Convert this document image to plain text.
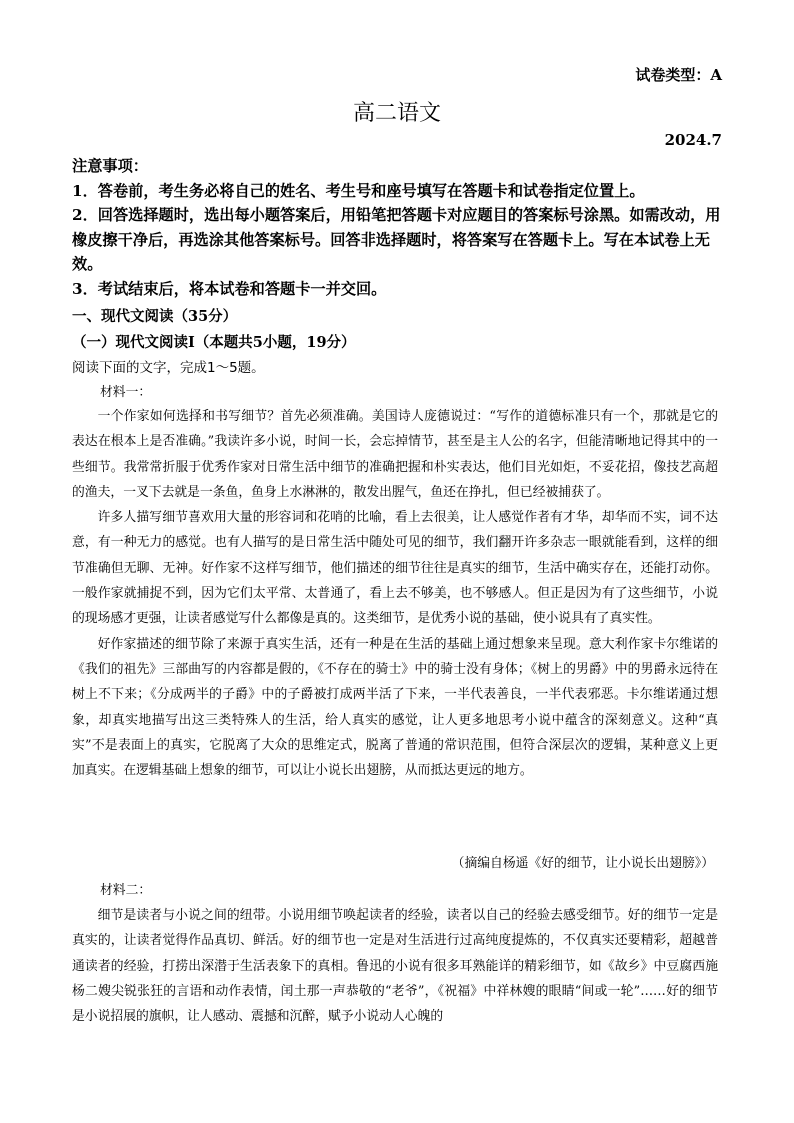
试卷类型：A
高二语文
2024.7

注意事项：

1．答卷前，考生务必将自己的姓名、考生号和座号填写在答题卡和试卷指定位置上。

2．回答选择题时，选出每小题答案后，用铅笔把答题卡对应题目的答案标号涂黑。如需改动，用橡皮擦干净后，再选涂其他答案标号。回答非选择题时，将答案写在答题卡上。写在本试卷上无效。

3．考试结束后，将本试卷和答题卡一并交回。

一、现代文阅读（35分）
（一）现代文阅读Ⅰ（本题共5小题，19分）
阅读下面的文字，完成1～5题。
材料一：

一个作家如何选择和书写细节？首先必须准确。美国诗人庞德说过：“写作的道德标准只有一个，那就是它的表达在根本上是否准确。”我读许多小说，时间一长，会忘掉情节，甚至是主人公的名字，但能清晰地记得其中的一些细节。我常常折服于优秀作家对日常生活中细节的准确把握和朴实表达，他们目光如炬，不妥花招，像技艺高超的渔夫，一叉下去就是一条鱼，鱼身上水淋淋的，散发出腥气，鱼还在挣扎，但已经被捕获了。

许多人描写细节喜欢用大量的形容词和花哨的比喻，看上去很美，让人感觉作者有才华，却华而不实，词不达意，有一种无力的感觉。也有人描写的是日常生活中随处可见的细节，我们翻开许多杂志一眼就能看到，这样的细节准确但无聊、无神。好作家不这样写细节，他们描述的细节往往是真实的细节，生活中确实存在，还能打动你。一般作家就捕捉不到，因为它们太平常、太普通了，看上去不够美，也不够感人。但正是因为有了这些细节，小说的现场感才更强，让读者感觉写什么都像是真的。这类细节，是优秀小说的基础，使小说具有了真实性。

好作家描述的细节除了来源于真实生活，还有一种是在生活的基础上通过想象来呈现。意大利作家卡尔维诺的《我们的祖先》三部曲写的内容都是假的，《不存在的骑士》中的骑士没有身体；《树上的男爵》中的男爵永远待在树上不下来；《分成两半的子爵》中的子爵被打成两半活了下来，一半代表善良，一半代表邪恶。卡尔维诺通过想象，却真实地描写出这三类特殊人的生活，给人真实的感觉，让人更多地思考小说中蕴含的深刻意义。这种“真实”不是表面上的真实，它脱离了大众的思维定式，脱离了普通的常识范围，但符合深层次的逻辑，某种意义上更加真实。在逻辑基础上想象的细节，可以让小说长出翅膀，从而抵达更远的地方。

（摘编自杨遥《好的细节，让小说长出翅膀》）
材料二：

细节是读者与小说之间的纽带。小说用细节唤起读者的经验，读者以自己的经验去感受细节。好的细节一定是真实的，让读者觉得作品真切、鲜活。好的细节也一定是对生活进行过高纯度提炼的，不仅真实还要精彩，超越普通读者的经验，打捞出深潜于生活表象下的真相。鲁迅的小说有很多耳熟能详的精彩细节，如《故乡》中豆腐西施杨二嫂尖锐张狂的言语和动作表情，闰土那一声恭敬的“老爷”，《祝福》中祥林嫂的眼睛“间或一轮”……好的细节是小说招展的旗帜，让人感动、震撼和沉醉，赋予小说动人心魄的
